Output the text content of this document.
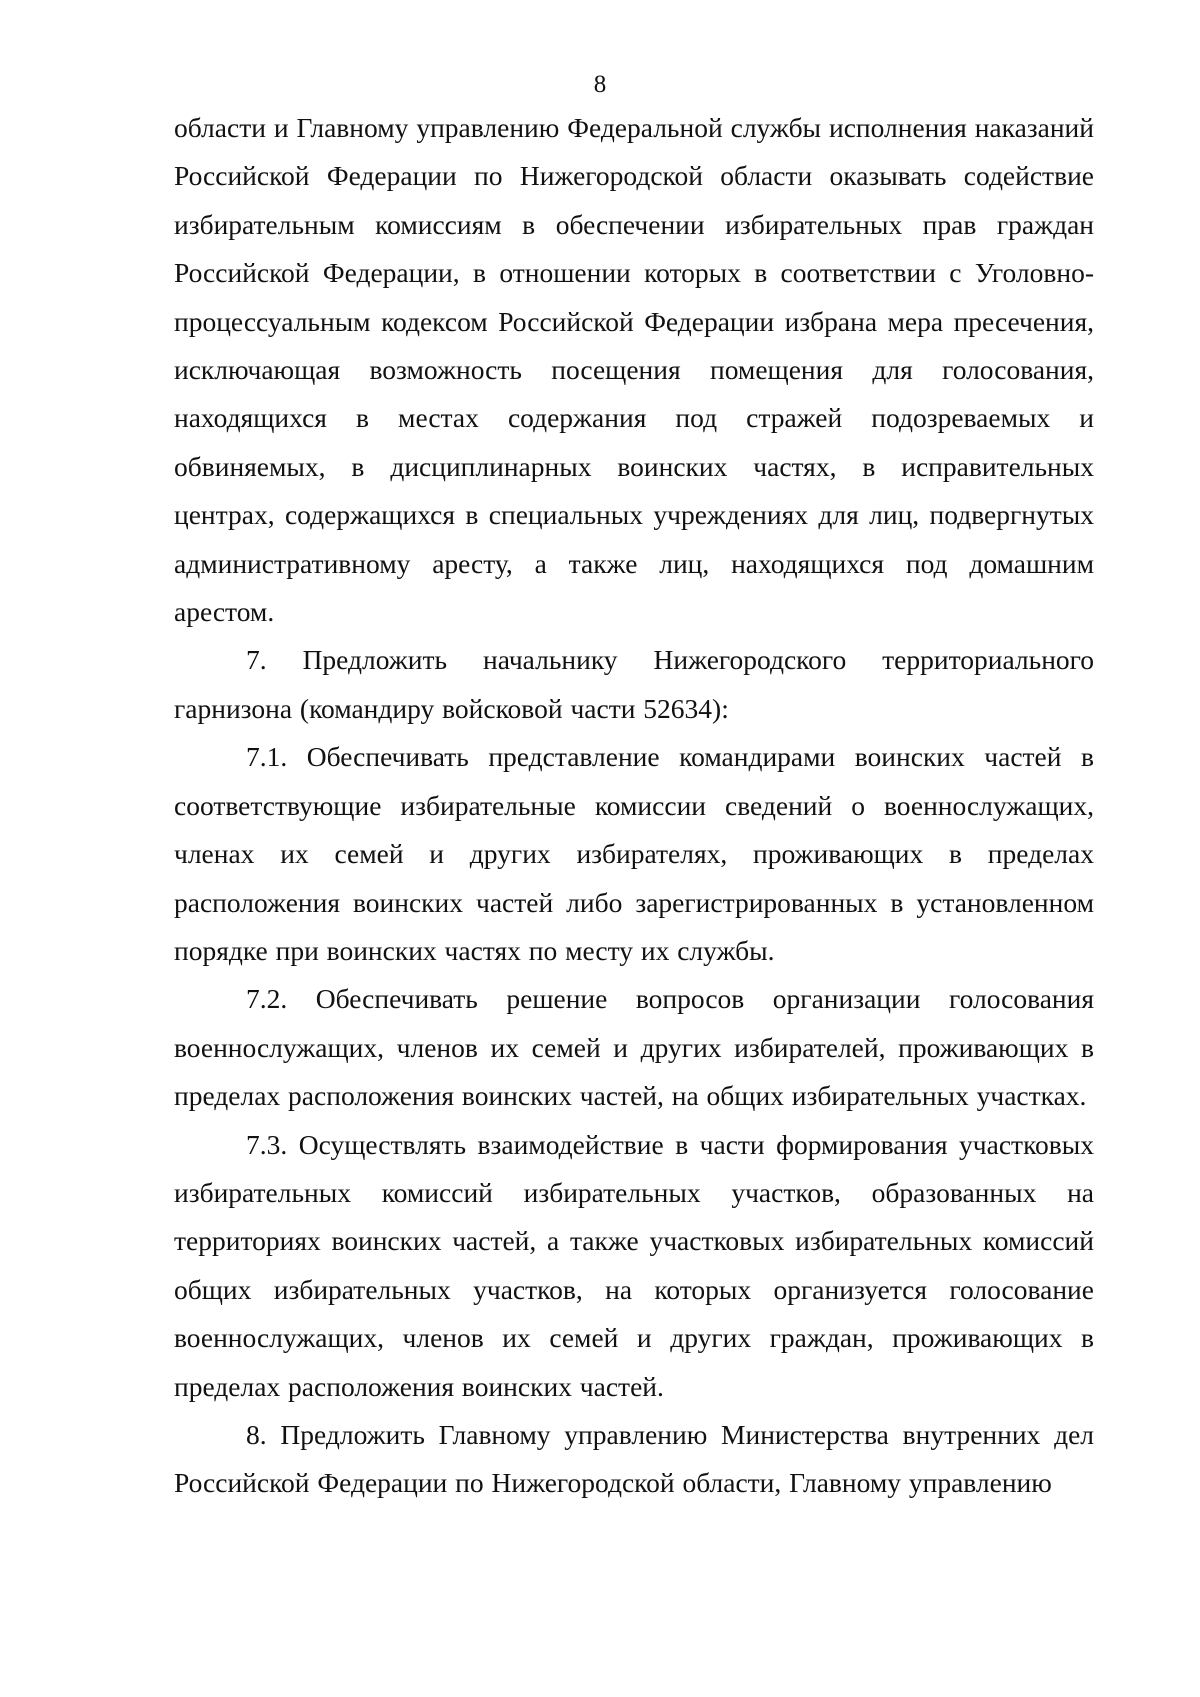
8

области и Главному управлению Федеральной службы исполнения наказаний Российской Федерации по Нижегородской области оказывать содействие избирательным комиссиям в обеспечении избирательных прав граждан Российской Федерации, в отношении которых в соответствии с Уголовно-процессуальным кодексом Российской Федерации избрана мера пресечения, исключающая возможность посещения помещения для голосования, находящихся в местах содержания под стражей подозреваемых и обвиняемых, в дисциплинарных воинских частях, в исправительных центрах, содержащихся в специальных учреждениях для лиц, подвергнутых административному аресту, а также лиц, находящихся под домашним арестом.

7. Предложить начальнику Нижегородского территориального гарнизона (командиру войсковой части 52634):

7.1. Обеспечивать представление командирами воинских частей в соответствующие избирательные комиссии сведений о военнослужащих, членах их семей и других избирателях, проживающих в пределах расположения воинских частей либо зарегистрированных в установленном порядке при воинских частях по месту их службы.

7.2. Обеспечивать решение вопросов организации голосования военнослужащих, членов их семей и других избирателей, проживающих в пределах расположения воинских частей, на общих избирательных участках.

7.3. Осуществлять взаимодействие в части формирования участковых избирательных комиссий избирательных участков, образованных на территориях воинских частей, а также участковых избирательных комиссий общих избирательных участков, на которых организуется голосование военнослужащих, членов их семей и других граждан, проживающих в пределах расположения воинских частей.

8. Предложить Главному управлению Министерства внутренних дел Российской Федерации по Нижегородской области, Главному управлению
